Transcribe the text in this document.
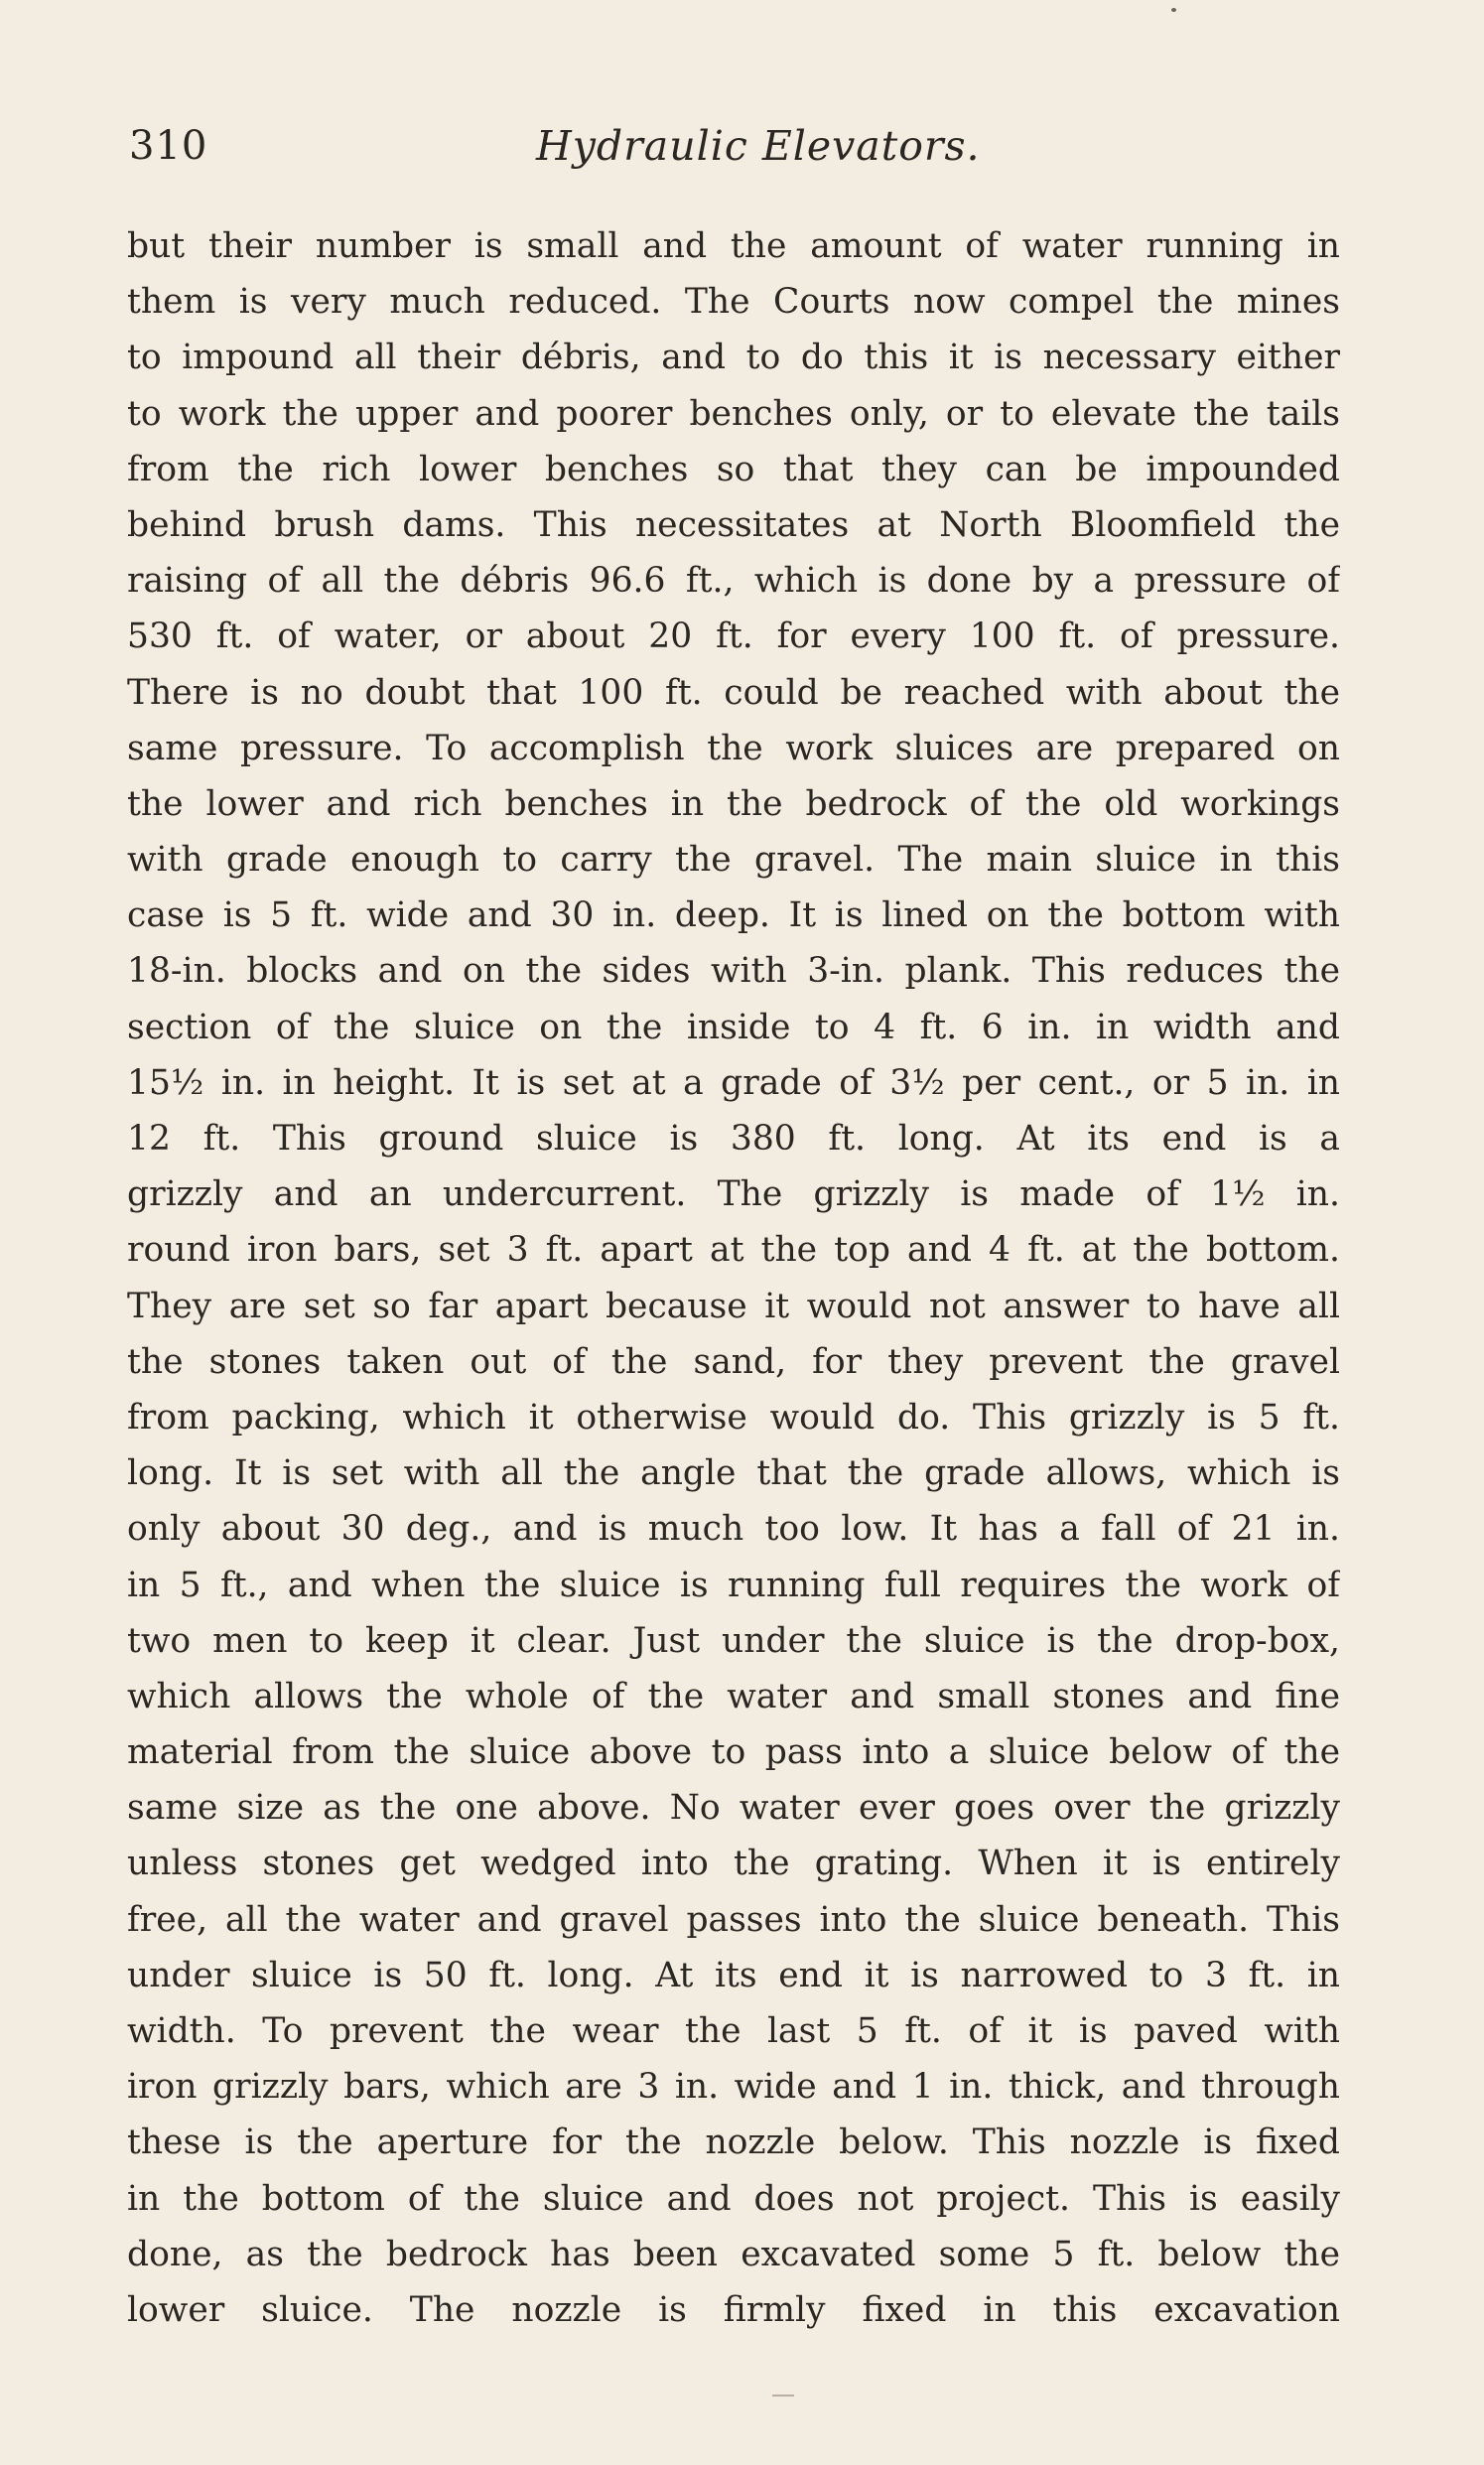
310	Hydraulic Elevators.
but their number is small and the amount of water running in
them is very much reduced. The Courts now compel the mines
to impound all their débris, and to do this it is necessary either
to work the upper and poorer benches only, or to elevate the tails
from the rich lower benches so that they can be impounded
behind brush dams. This necessitates at North Bloomfield the
raising of all the débris 96.6 ft., which is done by a pressure of
530 ft. of water, or about 20 ft. for every 100 ft. of pressure.
There is no doubt that 100 ft. could be reached with about the
same pressure. To accomplish the work sluices are prepared on
the lower and rich benches in the bedrock of the old workings
with grade enough to carry the gravel. The main sluice in this
case is 5 ft. wide and 30 in. deep. It is lined on the bottom with
18-in. blocks and on the sides with 3-in. plank. This reduces the
section of the sluice on the inside to 4 ft. 6 in. in width and
15½ in. in height. It is set at a grade of 3½ per cent., or 5 in. in
12 ft. This ground sluice is 380 ft. long. At its end is a
grizzly and an undercurrent. The grizzly is made of 1½ in.
round iron bars, set 3 ft. apart at the top and 4 ft. at the bottom.
They are set so far apart because it would not answer to have all
the stones taken out of the sand, for they prevent the gravel
from packing, which it otherwise would do. This grizzly is 5 ft.
long. It is set with all the angle that the grade allows, which is
only about 30 deg., and is much too low. It has a fall of 21 in.
in 5 ft., and when the sluice is running full requires the work of
two men to keep it clear. Just under the sluice is the drop-box,
which allows the whole of the water and small stones and fine
material from the sluice above to pass into a sluice below of the
same size as the one above. No water ever goes over the grizzly
unless stones get wedged into the grating. When it is entirely
free, all the water and gravel passes into the sluice beneath. This
under sluice is 50 ft. long. At its end it is narrowed to 3 ft. in
width. To prevent the wear the last 5 ft. of it is paved with
iron grizzly bars, which are 3 in. wide and 1 in. thick, and through
these is the aperture for the nozzle below. This nozzle is fixed
in the bottom of the sluice and does not project. This is easily
done, as the bedrock has been excavated some 5 ft. below the
lower sluice. The nozzle is firmly fixed in this excavation
